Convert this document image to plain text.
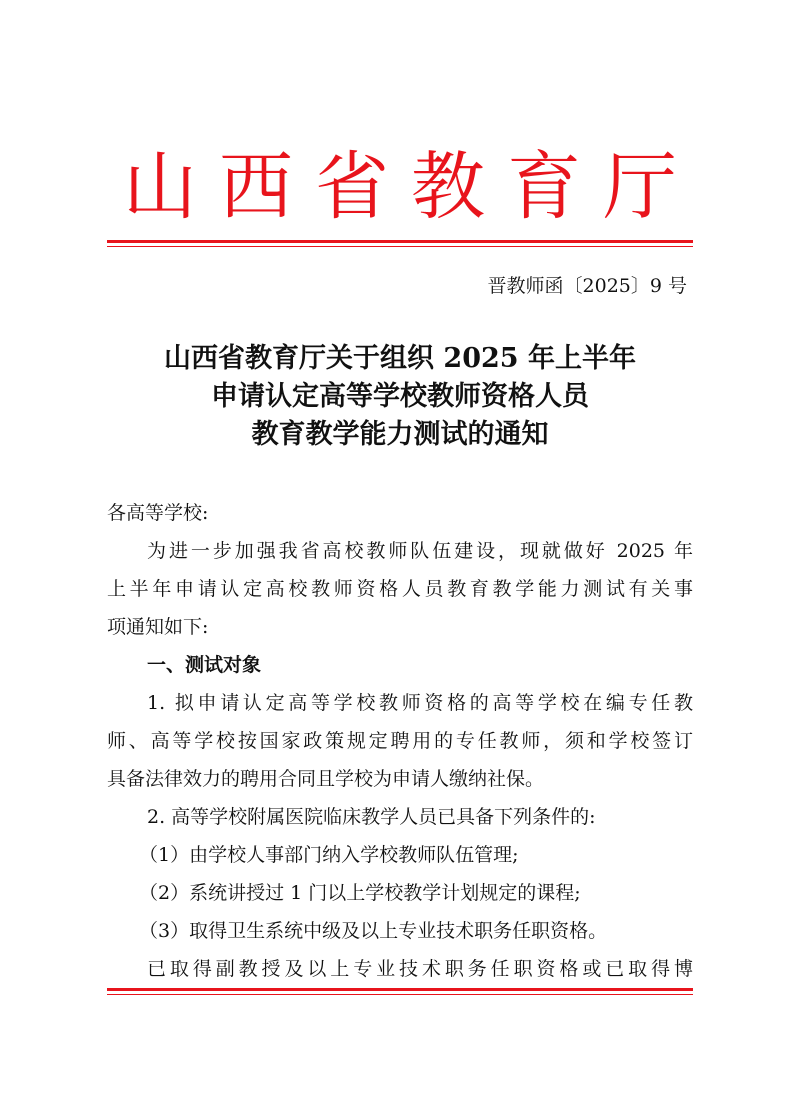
山 西 省 教 育 厅
晋教师函〔2025〕9 号
山西省教育厅关于组织 2025 年上半年
申请认定高等学校教师资格人员
教育教学能力测试的通知
各高等学校:
为进一步加强我省高校教师队伍建设，现就做好 2025 年
上半年申请认定高校教师资格人员教育教学能力测试有关事
项通知如下:
一、测试对象
1. 拟申请认定高等学校教师资格的高等学校在编专任教
师、高等学校按国家政策规定聘用的专任教师，须和学校签订
具备法律效力的聘用合同且学校为申请人缴纳社保。
2. 高等学校附属医院临床教学人员已具备下列条件的:
（1）由学校人事部门纳入学校教师队伍管理;
（2）系统讲授过 1 门以上学校教学计划规定的课程;
（3）取得卫生系统中级及以上专业技术职务任职资格。
已取得副教授及以上专业技术职务任职资格或已取得博
